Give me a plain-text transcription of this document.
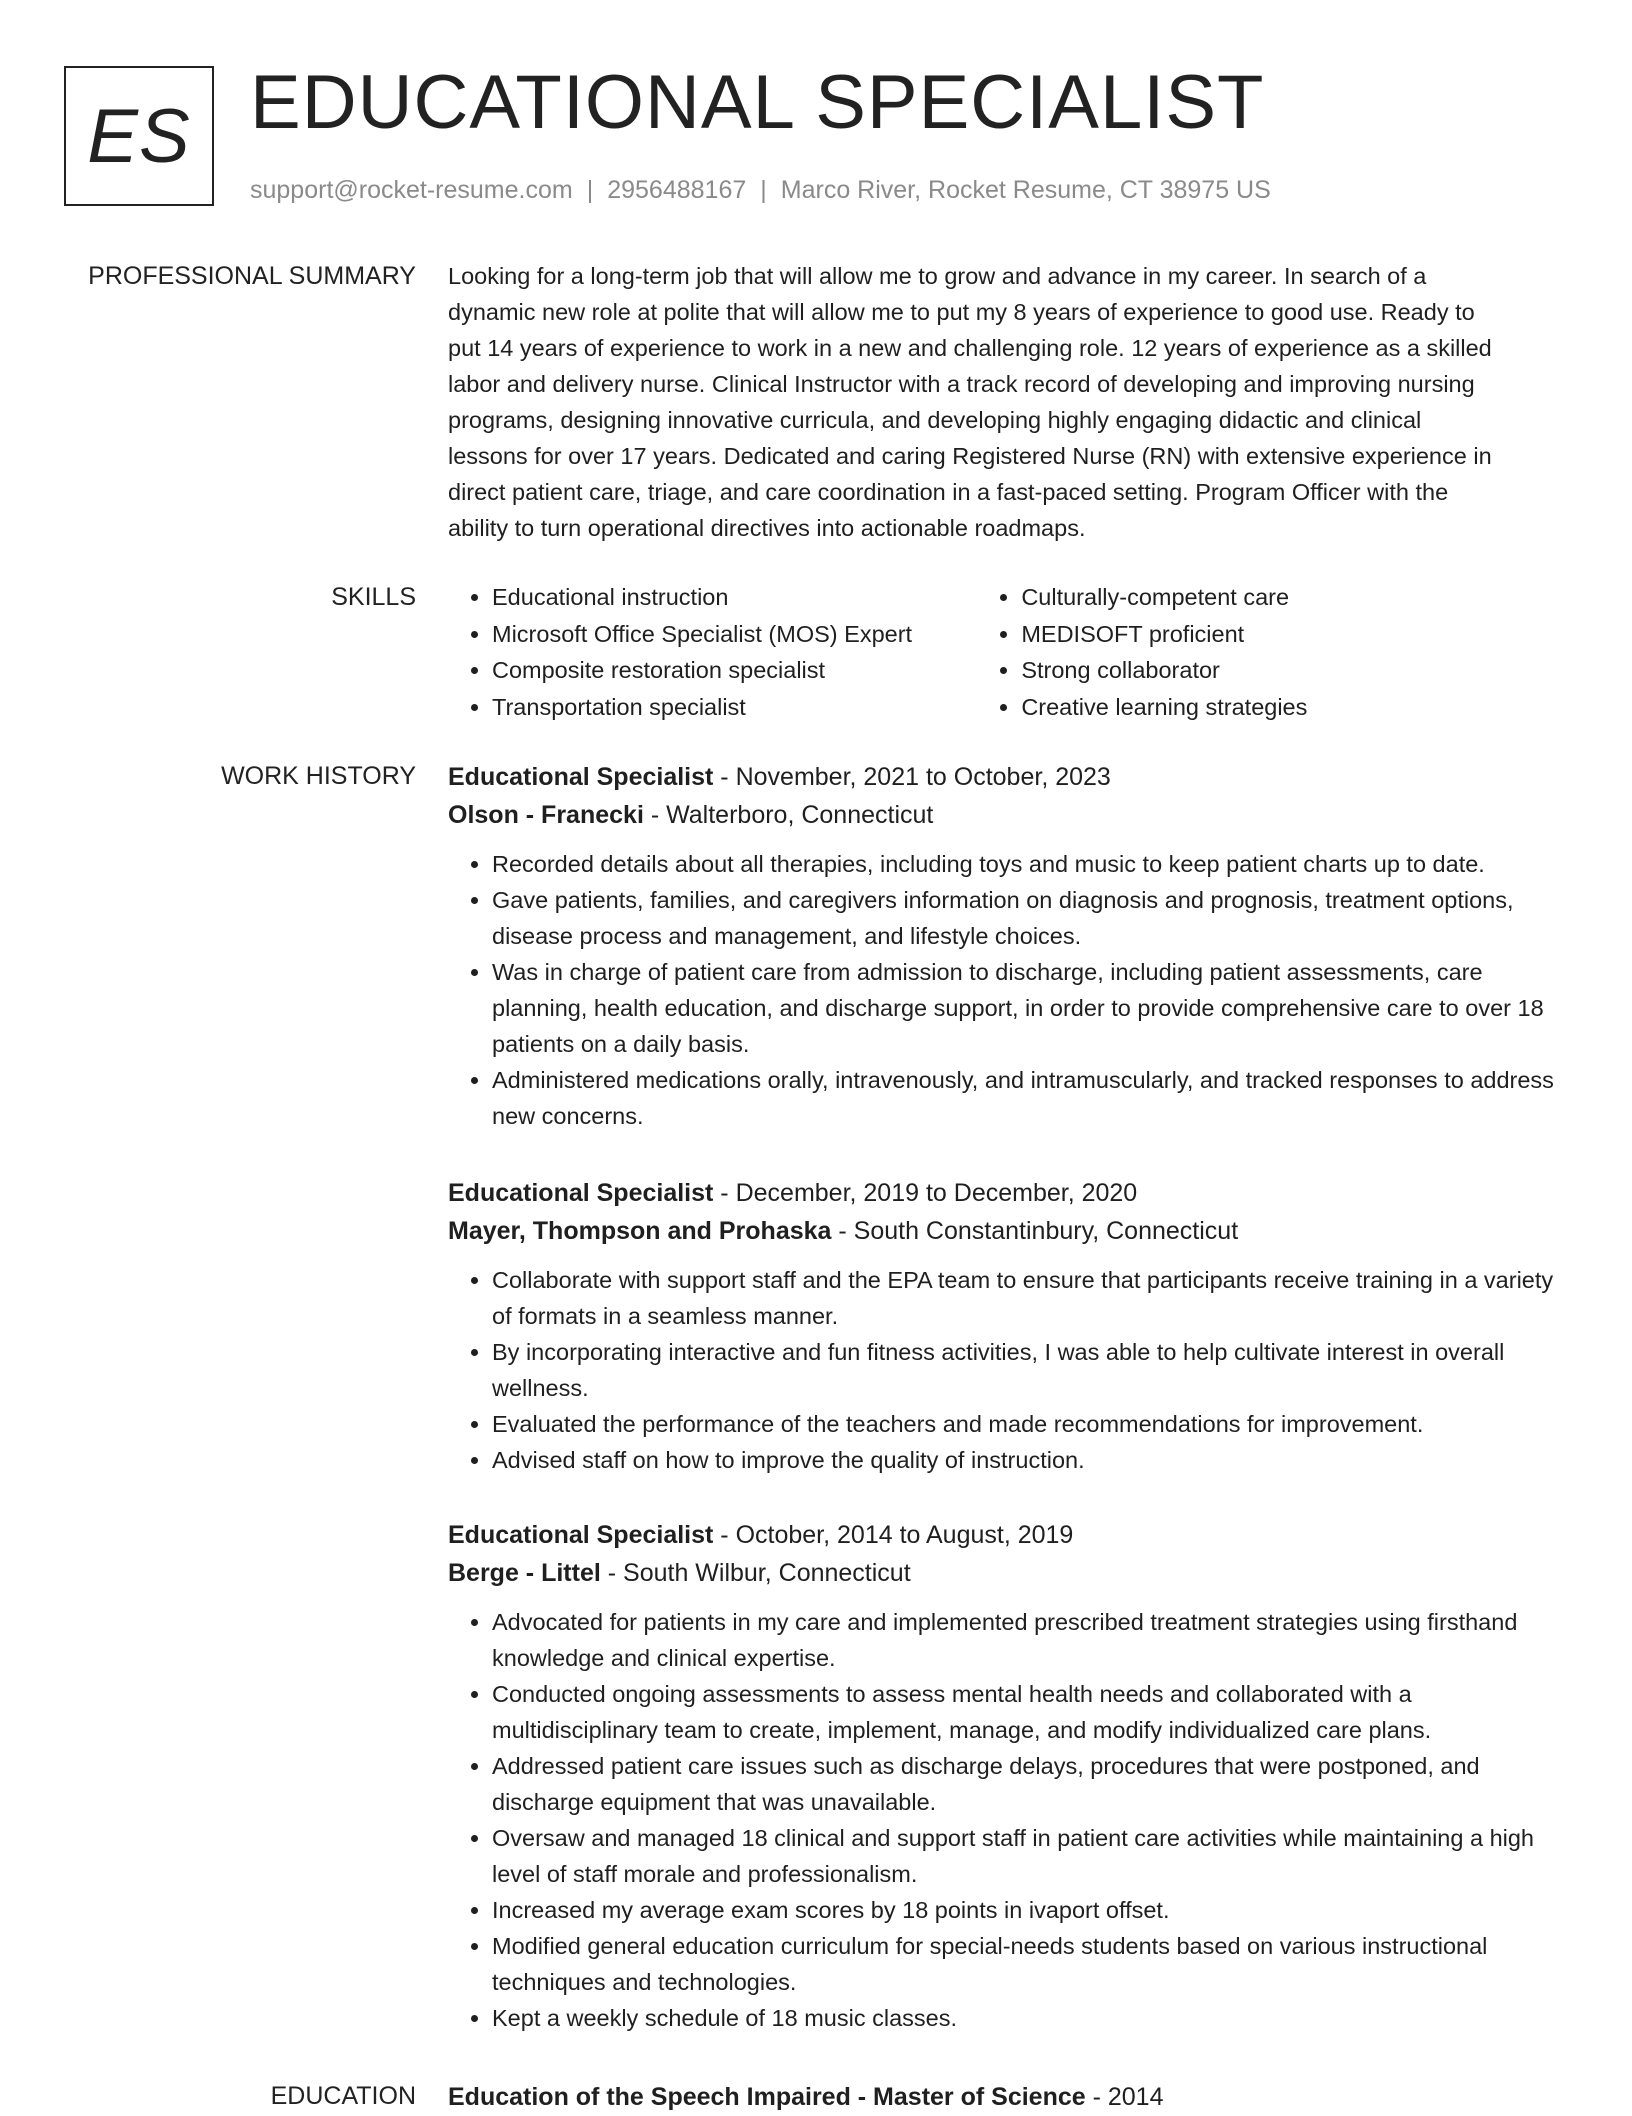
ES EDUCATIONAL SPECIALIST
support@rocket-resume.com | 2956488167 | Marco River, Rocket Resume, CT 38975 US
PROFESSIONAL SUMMARY Looking for a long-term job that will allow me to grow and advance in my career. In search of a
dynamic new role at polite that will allow me to put my 8 years of experience to good use. Ready to
put 14 years of experience to work in a new and challenging role. 12 years of experience as a skilled
labor and delivery nurse. Clinical Instructor with a track record of developing and improving nursing
programs, designing innovative curricula, and developing highly engaging didactic and clinical
lessons for over 17 years. Dedicated and caring Registered Nurse (RN) with extensive experience in
direct patient care, triage, and care coordination in a fast-paced setting. Program Officer with the
ability to turn operational directives into actionable roadmaps.
SKILLS
•	Educational instruction
• Microsoft Office Specialist (MOS) Expert
• Composite restoration specialist
• Transportation specialist
• Culturally-competent care
• MEDISOFT proficient
• Strong collaborator
• Creative learning strategies
WORK HISTORY Educational Specialist - November, 2021 to October, 2023
Olson - Franecki - Walterboro, Connecticut
• Recorded details about all therapies, including toys and music to keep patient charts up to date.
• Gave patients, families, and caregivers information on diagnosis and prognosis, treatment options, disease process and management, and lifestyle choices.
• Was in charge of patient care from admission to discharge, including patient assessments, care planning, health education, and discharge support, in order to provide comprehensive care to over 18 patients on a daily basis.
• Administered medications orally, intravenously, and intramuscularly, and tracked responses to address new concerns.
Educational Specialist - December, 2019 to December, 2020
Mayer, Thompson and Prohaska - South Constantinbury, Connecticut
• Collaborate with support staff and the EPA team to ensure that participants receive training in a variety of formats in a seamless manner.
• By incorporating interactive and fun fitness activities, I was able to help cultivate interest in overall wellness.
• Evaluated the performance of the teachers and made recommendations for improvement.
• Advised staff on how to improve the quality of instruction.
Educational Specialist - October, 2014 to August, 2019
Berge - Littel - South Wilbur, Connecticut
• Advocated for patients in my care and implemented prescribed treatment strategies using firsthand knowledge and clinical expertise.
• Conducted ongoing assessments to assess mental health needs and collaborated with a multidisciplinary team to create, implement, manage, and modify individualized care plans.
• Addressed patient care issues such as discharge delays, procedures that were postponed, and discharge equipment that was unavailable.
• Oversaw and managed 18 clinical and support staff in patient care activities while maintaining a high level of staff morale and professionalism.
• Increased my average exam scores by 18 points in ivaport offset.
• Modified general education curriculum for special-needs students based on various instructional techniques and technologies.
• Kept a weekly schedule of 18 music classes.
EDUCATION Education of the Speech Impaired - Master of Science - 2014
